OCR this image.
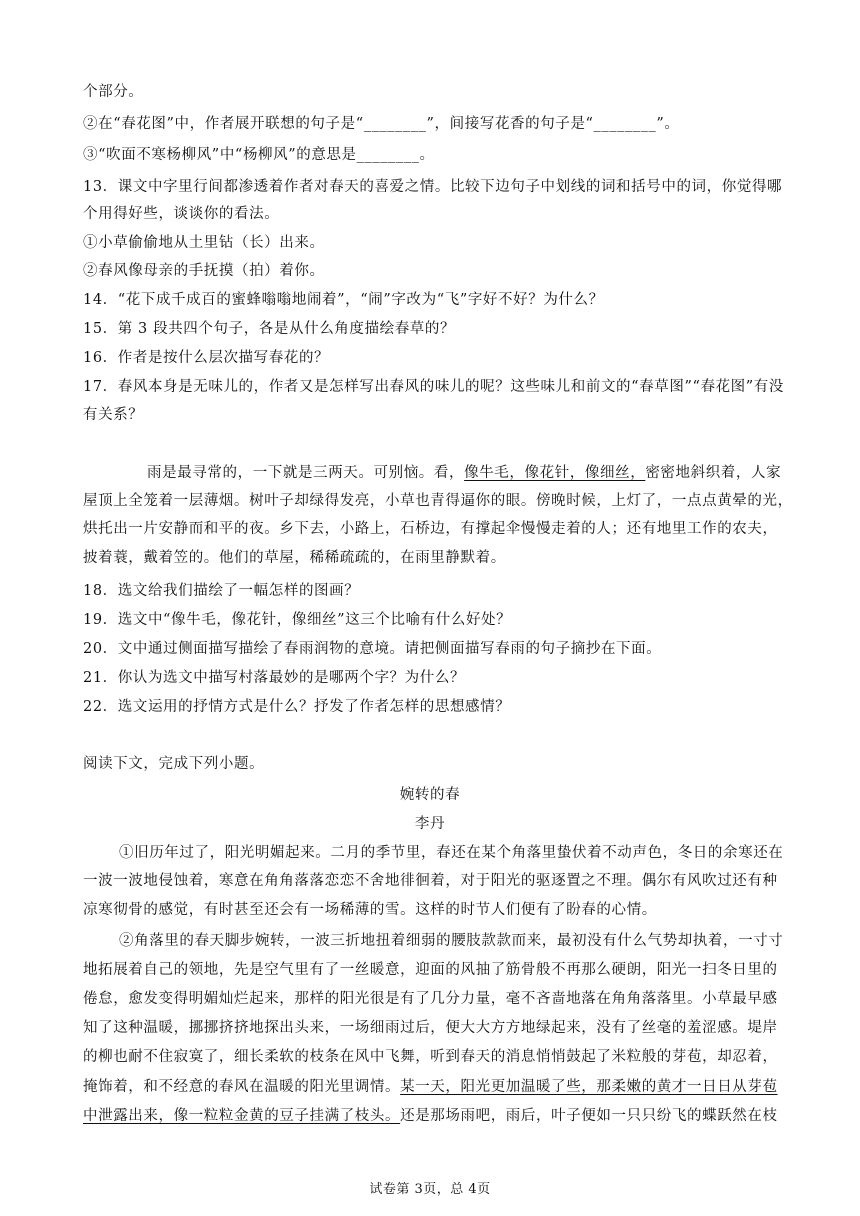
个部分。
②在“春花图”中，作者展开联想的句子是“________”，间接写花香的句子是“________”。
③“吹面不寒杨柳风”中“杨柳风”的意思是________。
13．课文中字里行间都渗透着作者对春天的喜爱之情。比较下边句子中划线的词和括号中的词，你觉得哪
个用得好些，谈谈你的看法。
①小草偷偷地从土里钻（长）出来。
②春风像母亲的手抚摸（拍）着你。
14．“花下成千成百的蜜蜂嗡嗡地闹着”，“闹”字改为“飞”字好不好？为什么？
15．第 3 段共四个句子，各是从什么角度描绘春草的？
16．作者是按什么层次描写春花的？
17．春风本身是无味儿的，作者又是怎样写出春风的味儿的呢？这些味儿和前文的“春草图”“春花图”有没
有关系？
雨是最寻常的，一下就是三两天。可别恼。看，像牛毛，像花针，像细丝，密密地斜织着，人家
屋顶上全笼着一层薄烟。树叶子却绿得发亮，小草也青得逼你的眼。傍晚时候，上灯了，一点点黄晕的光，
烘托出一片安静而和平的夜。乡下去，小路上，石桥边，有撑起伞慢慢走着的人；还有地里工作的农夫，
披着蓑，戴着笠的。他们的草屋，稀稀疏疏的，在雨里静默着。
18．选文给我们描绘了一幅怎样的图画？
19．选文中“像牛毛，像花针，像细丝”这三个比喻有什么好处？
20．文中通过侧面描写描绘了春雨润物的意境。请把侧面描写春雨的句子摘抄在下面。
21．你认为选文中描写村落最妙的是哪两个字？为什么？
22．选文运用的抒情方式是什么？抒发了作者怎样的思想感情？
阅读下文，完成下列小题。
婉转的春
李丹
①旧历年过了，阳光明媚起来。二月的季节里，春还在某个角落里蛰伏着不动声色，冬日的余寒还在
一波一波地侵蚀着，寒意在角角落落恋恋不舍地徘徊着，对于阳光的驱逐置之不理。偶尔有风吹过还有种
凉寒彻骨的感觉，有时甚至还会有一场稀薄的雪。这样的时节人们便有了盼春的心情。
②角落里的春天脚步婉转，一波三折地扭着细弱的腰肢款款而来，最初没有什么气势却执着，一寸寸
地拓展着自己的领地，先是空气里有了一丝暖意，迎面的风抽了筋骨般不再那么硬朗，阳光一扫冬日里的
倦怠，愈发变得明媚灿烂起来，那样的阳光很是有了几分力量，毫不吝啬地落在角角落落里。小草最早感
知了这种温暖，挪挪挤挤地探出头来，一场细雨过后，便大大方方地绿起来，没有了丝毫的羞涩感。堤岸
的柳也耐不住寂寞了，细长柔软的枝条在风中飞舞，听到春天的消息悄悄鼓起了米粒般的芽苞，却忍着，
掩饰着，和不经意的春风在温暖的阳光里调情。某一天，阳光更加温暖了些，那柔嫩的黄才一日日从芽苞
中泄露出来，像一粒粒金黄的豆子挂满了枝头。还是那场雨吧，雨后，叶子便如一只只纷飞的蝶跃然在枝
试卷第 3页，总 4页
